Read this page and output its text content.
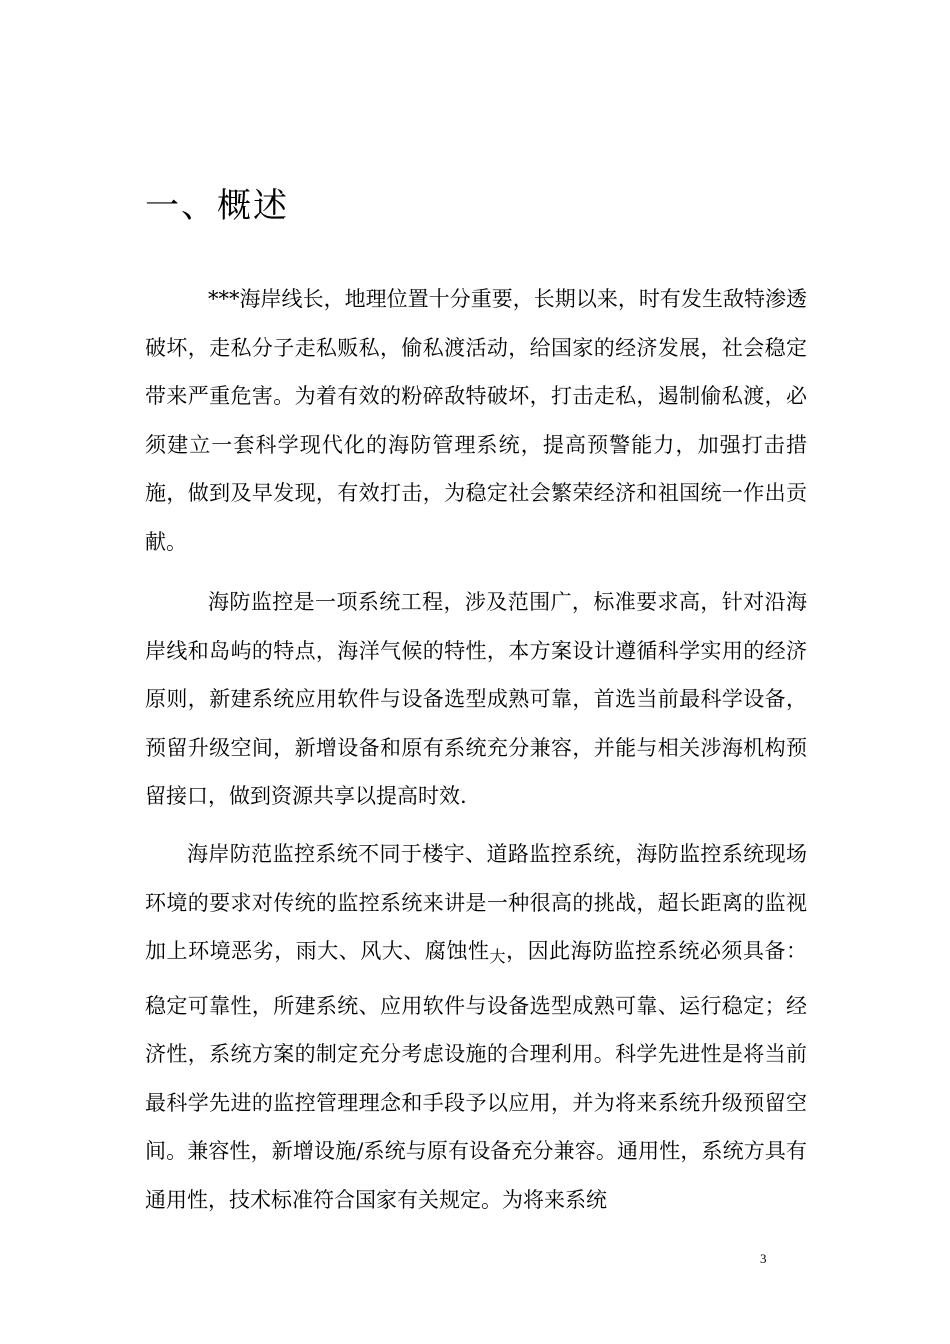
一、概述

***海岸线长，地理位置十分重要，长期以来，时有发生敌特渗透破坏，走私分子走私贩私，偷私渡活动，给国家的经济发展，社会稳定带来严重危害。为着有效的粉碎敌特破坏，打击走私，遏制偷私渡，必须建立一套科学现代化的海防管理系统，提高预警能力，加强打击措施，做到及早发现，有效打击，为稳定社会繁荣经济和祖国统一作出贡献。

海防监控是一项系统工程，涉及范围广，标准要求高，针对沿海岸线和岛屿的特点，海洋气候的特性，本方案设计遵循科学实用的经济原则，新建系统应用软件与设备选型成熟可靠，首选当前最科学设备，预留升级空间，新增设备和原有系统充分兼容，并能与相关涉海机构预留接口，做到资源共享以提高时效.

海岸防范监控系统不同于楼宇、道路监控系统，海防监控系统现场环境的要求对传统的监控系统来讲是一种很高的挑战，超长距离的监视加上环境恶劣，雨大、风大、腐蚀性$_大$，因此海防监控系统必须具备：稳定可靠性，所建系统、应用软件与设备选型成熟可靠、运行稳定；经济性，系统方案的制定充分考虑设施的合理利用。科学先进性是将当前最科学先进的监控管理理念和手段予以应用，并为将来系统升级预留空间。兼容性，新增设施/系统与原有设备充分兼容。通用性，系统方具有通用性，技术标准符合国家有关规定。为将来系统

3
